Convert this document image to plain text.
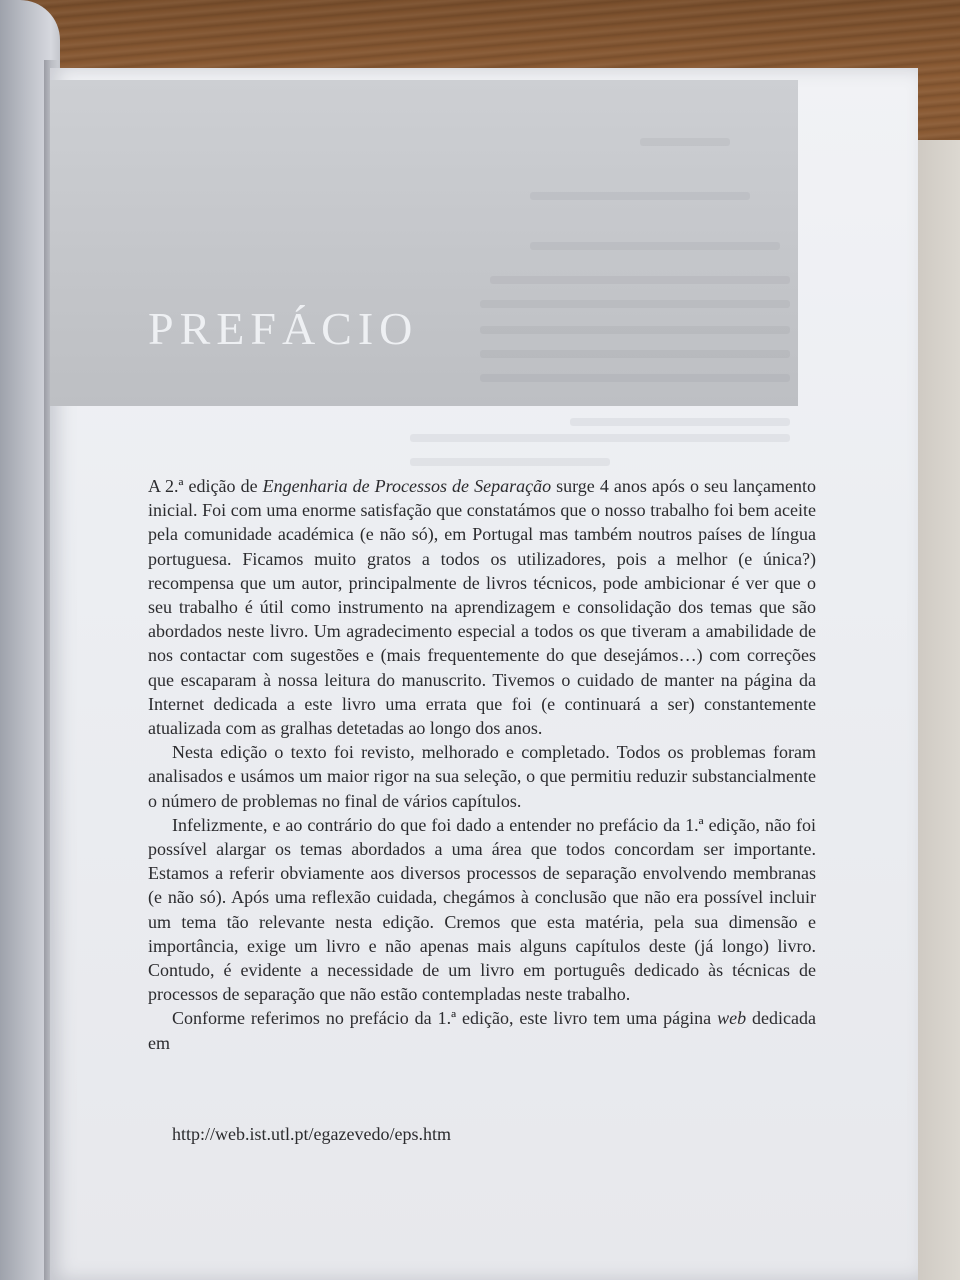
PREFÁCIO

A 2.ª edição de Engenharia de Processos de Separação surge 4 anos após o seu lançamento inicial. Foi com uma enorme satisfação que constatámos que o nosso trabalho foi bem aceite pela comunidade académica (e não só), em Portugal mas também noutros países de língua portuguesa. Ficamos muito gratos a todos os utilizadores, pois a melhor (e única?) recompensa que um autor, principalmente de livros técnicos, pode ambicionar é ver que o seu trabalho é útil como instrumento na aprendizagem e consolidação dos temas que são abordados neste livro. Um agradecimento especial a todos os que tiveram a amabilidade de nos contactar com sugestões e (mais frequentemente do que desejámos…) com correções que escaparam à nossa leitura do manuscrito. Tivemos o cuidado de manter na página da Internet dedicada a este livro uma errata que foi (e continuará a ser) constantemente atualizada com as gralhas detetadas ao longo dos anos.

Nesta edição o texto foi revisto, melhorado e completado. Todos os problemas foram analisados e usámos um maior rigor na sua seleção, o que permitiu reduzir substancialmente o número de problemas no final de vários capítulos.

Infelizmente, e ao contrário do que foi dado a entender no prefácio da 1.ª edição, não foi possível alargar os temas abordados a uma área que todos concordam ser importante. Estamos a referir obviamente aos diversos processos de separação envolvendo membranas (e não só). Após uma reflexão cuidada, chegámos à conclusão que não era possível incluir um tema tão relevante nesta edição. Cremos que esta matéria, pela sua dimensão e importância, exige um livro e não apenas mais alguns capítulos deste (já longo) livro. Contudo, é evidente a necessidade de um livro em português dedicado às técnicas de processos de separação que não estão contempladas neste trabalho.

Conforme referimos no prefácio da 1.ª edição, este livro tem uma página web dedicada em

http://web.ist.utl.pt/egazevedo/eps.htm
